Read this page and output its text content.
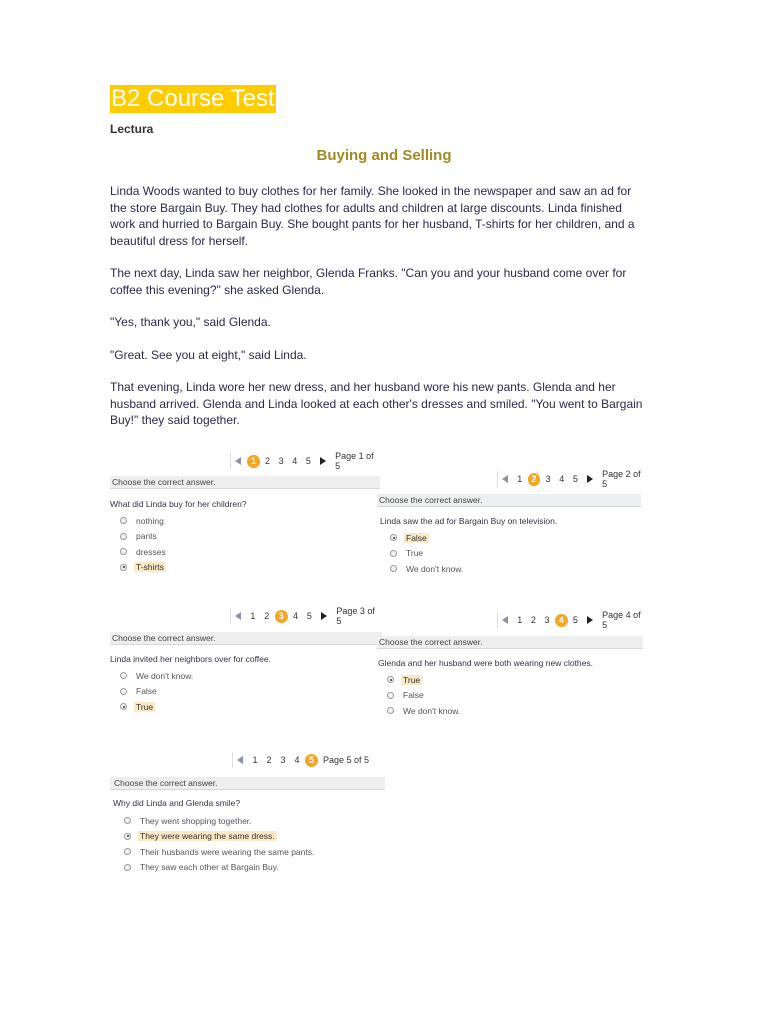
B2 Course Test
Lectura
Buying and Selling

Linda Woods wanted to buy clothes for her family. She looked in the newspaper and saw an ad for the store Bargain Buy. They had clothes for adults and children at large discounts. Linda finished work and hurried to Bargain Buy. She bought pants for her husband, T-shirts for her children, and a beautiful dress for herself.

The next day, Linda saw her neighbor, Glenda Franks. "Can you and your husband come over for coffee this evening?" she asked Glenda.

"Yes, thank you," said Glenda.

"Great. See you at eight," said Linda.

That evening, Linda wore her new dress, and her husband wore his new pants. Glenda and her husband arrived. Glenda and Linda looked at each other's dresses and smiled. "You went to Bargain Buy!" they said together.

1	2 3 4 5	Page 1 of 5
Choose the correct answer.
What did Linda buy for her children?
nothing
pants
dresses
T-shirts
1	2	3 4 5	Page 2 of 5
Choose the correct answer.
Linda saw the ad for Bargain Buy on television.
False
True
We don't know.
1 2	3	4 5	Page 3 of 5
Choose the correct answer.
Linda invited her neighbors over for coffee.
We don't know.
False
True
1 2 3	4	5	Page 4 of 5
Choose the correct answer.
Glenda and her husband were both wearing new clothes.
True
False
We don't know.
1 2 3 4	5	Page 5 of 5
Choose the correct answer.
Why did Linda and Glenda smile?
They went shopping together.
They were wearing the same dress.
Their husbands were wearing the same pants.
They saw each other at Bargain Buy.
